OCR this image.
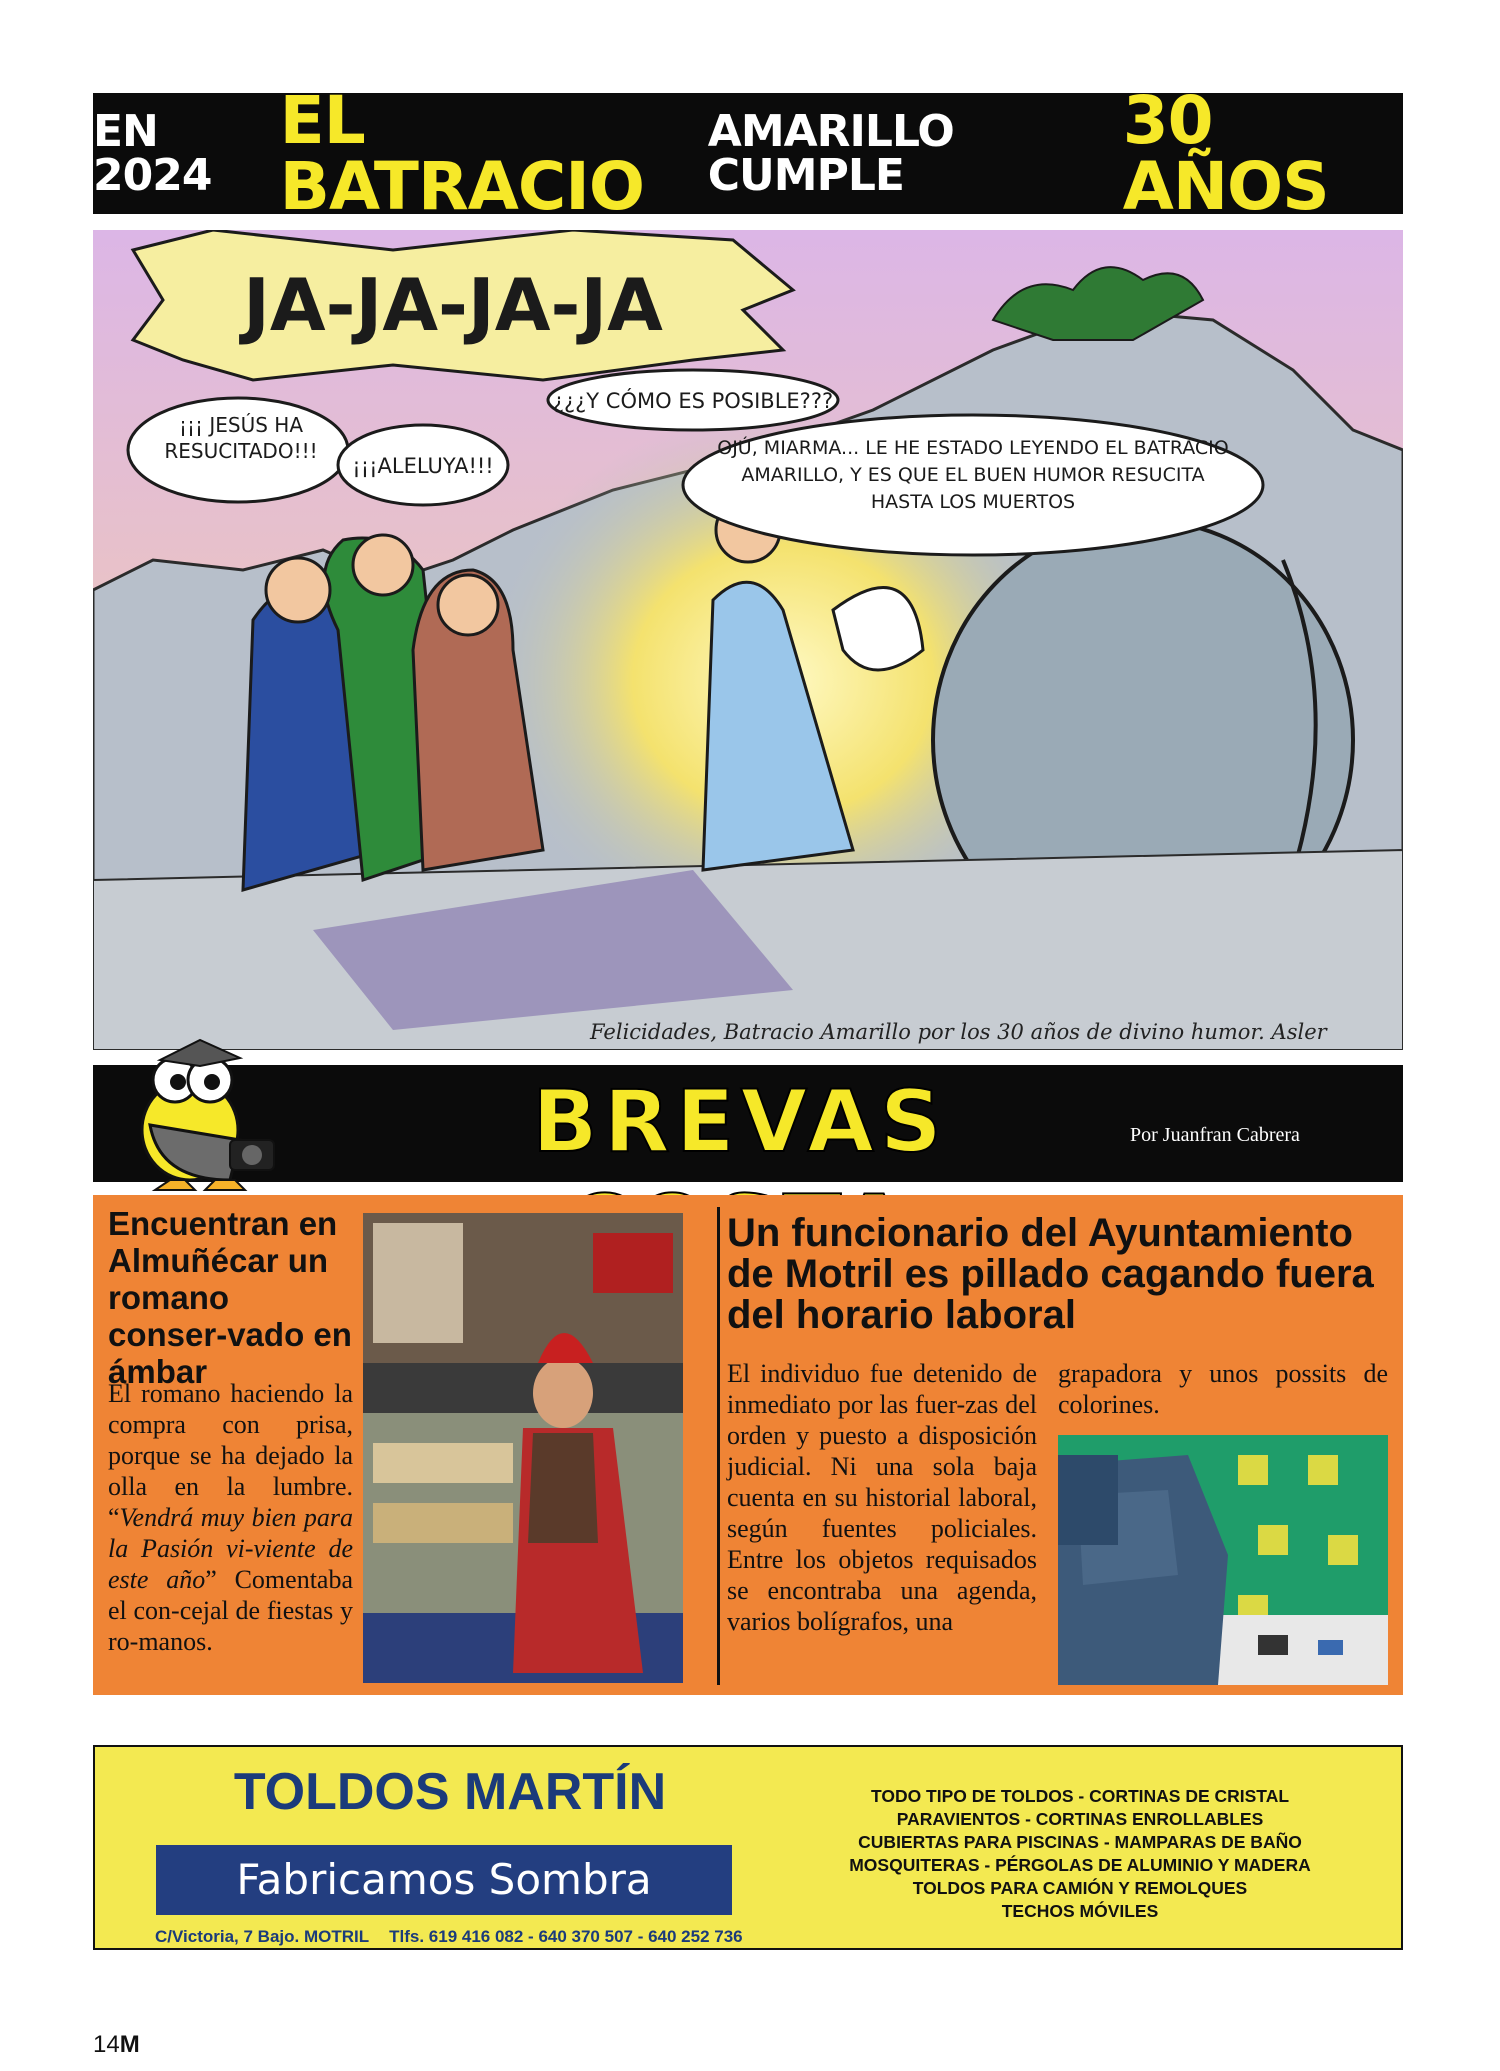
EN 2024
EL BATRACIO
AMARILLO CUMPLE
30 AÑOS
JA-JA-JA-JA
¡¡¡ JESÚS HA RESUCITADO!!!
¡¡¡ALELUYA!!!
¿¿¿Y CÓMO ES POSIBLE???
OJÚ, MIARMA... LE HE ESTADO LEYENDO EL BATRACIO AMARILLO, Y ES QUE EL BUEN HUMOR RESUCITA HASTA LOS MUERTOS
Felicidades, Batracio Amarillo por los 30 años de divino humor. Asler
BREVAS	Por Juanfran Cabrera
Encuentran en Almuñécar un romano conser-vado en ámbar
El romano haciendo la compra con prisa, porque se ha dejado la olla en la lumbre. “Vendrá muy bien para la Pasión vi-viente de este año” Comentaba el con-cejal de fiestas y ro-manos.
Un funcionario del Ayuntamiento de Motril es pillado cagando fuera del horario laboral
El individuo fue detenido de inmediato por las fuer-zas del orden y puesto a disposición judicial. Ni una sola baja cuenta en su historial laboral, según fuentes policiales. Entre los objetos requisados se encontraba una agenda, varios bolígrafos, una
grapadora y unos possits de colorines.
TOLDOS MARTÍN
Fabricamos Sombra
C/Victoria, 7 Bajo. MOTRIL Tlfs. 619 416 082 - 640 370 507 - 640 252 736
TODO TIPO DE TOLDOS - CORTINAS DE CRISTAL
PARAVIENTOS - CORTINAS ENROLLABLES
CUBIERTAS PARA PISCINAS - MAMPARAS DE BAÑO
MOSQUITERAS - PÉRGOLAS DE ALUMINIO Y MADERA
TOLDOS PARA CAMIÓN Y REMOLQUES
TECHOS MÓVILES
14M
